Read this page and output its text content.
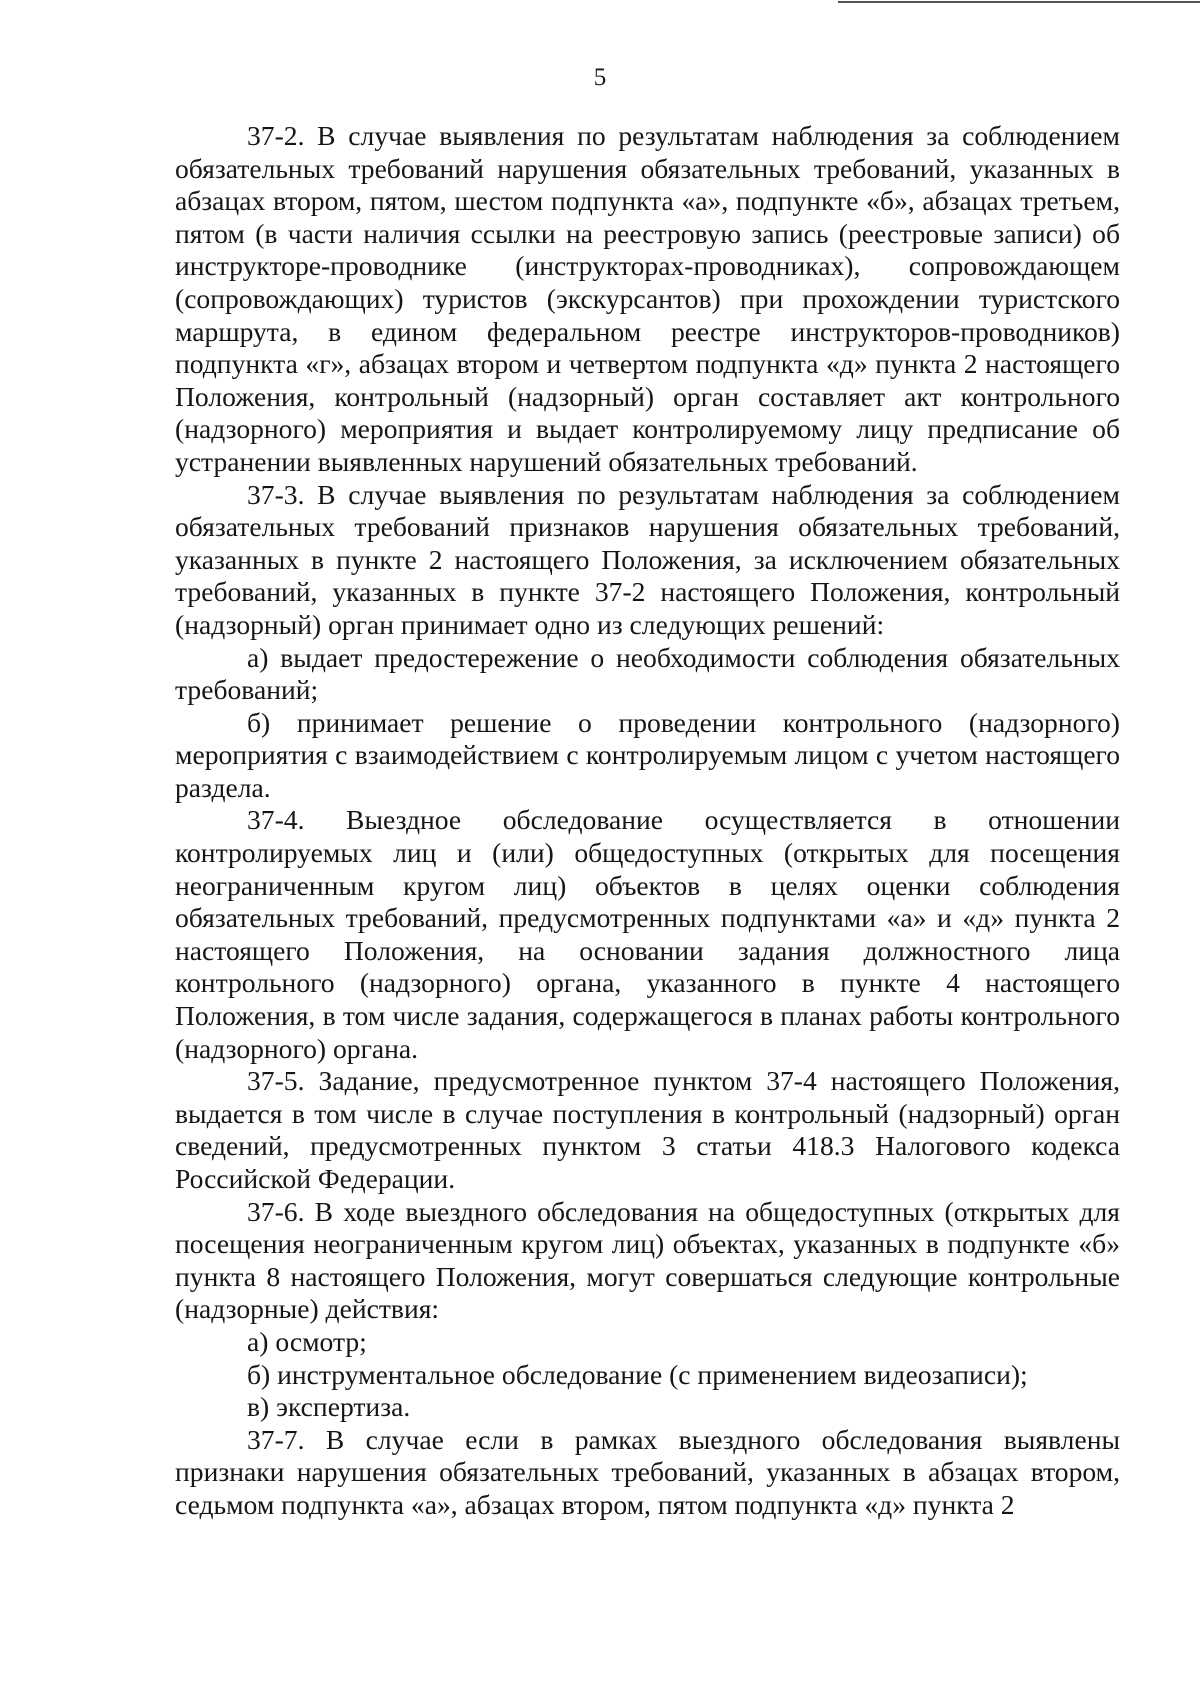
5

37-2. В случае выявления по результатам наблюдения за соблюдением обязательных требований нарушения обязательных требований, указанных в абзацах втором, пятом, шестом подпункта «а», подпункте «б», абзацах третьем, пятом (в части наличия ссылки на реестровую запись (реестровые записи) об инструкторе-проводнике (инструкторах-проводниках), сопровождающем (сопровождающих) туристов (экскурсантов) при прохождении туристского маршрута, в едином федеральном реестре инструкторов-проводников) подпункта «г», абзацах втором и четвертом подпункта «д» пункта 2 настоящего Положения, контрольный (надзорный) орган составляет акт контрольного (надзорного) мероприятия и выдает контролируемому лицу предписание об устранении выявленных нарушений обязательных требований.

37-3. В случае выявления по результатам наблюдения за соблюдением обязательных требований признаков нарушения обязательных требований, указанных в пункте 2 настоящего Положения, за исключением обязательных требований, указанных в пункте 37-2 настоящего Положения, контрольный (надзорный) орган принимает одно из следующих решений:

а) выдает предостережение о необходимости соблюдения обязательных требований;

б) принимает решение о проведении контрольного (надзорного) мероприятия с взаимодействием с контролируемым лицом с учетом настоящего раздела.

37-4. Выездное обследование осуществляется в отношении контролируемых лиц и (или) общедоступных (открытых для посещения неограниченным кругом лиц) объектов в целях оценки соблюдения обязательных требований, предусмотренных подпунктами «а» и «д» пункта 2 настоящего Положения, на основании задания должностного лица контрольного (надзорного) органа, указанного в пункте 4 настоящего Положения, в том числе задания, содержащегося в планах работы контрольного (надзорного) органа.

37-5. Задание, предусмотренное пунктом 37-4 настоящего Положения, выдается в том числе в случае поступления в контрольный (надзорный) орган сведений, предусмотренных пунктом 3 статьи 418.3 Налогового кодекса Российской Федерации.

37-6. В ходе выездного обследования на общедоступных (открытых для посещения неограниченным кругом лиц) объектах, указанных в подпункте «б» пункта 8 настоящего Положения, могут совершаться следующие контрольные (надзорные) действия:

а) осмотр;

б) инструментальное обследование (с применением видеозаписи);

в) экспертиза.

37-7. В случае если в рамках выездного обследования выявлены признаки нарушения обязательных требований, указанных в абзацах втором, седьмом подпункта «а», абзацах втором, пятом подпункта «д» пункта 2
